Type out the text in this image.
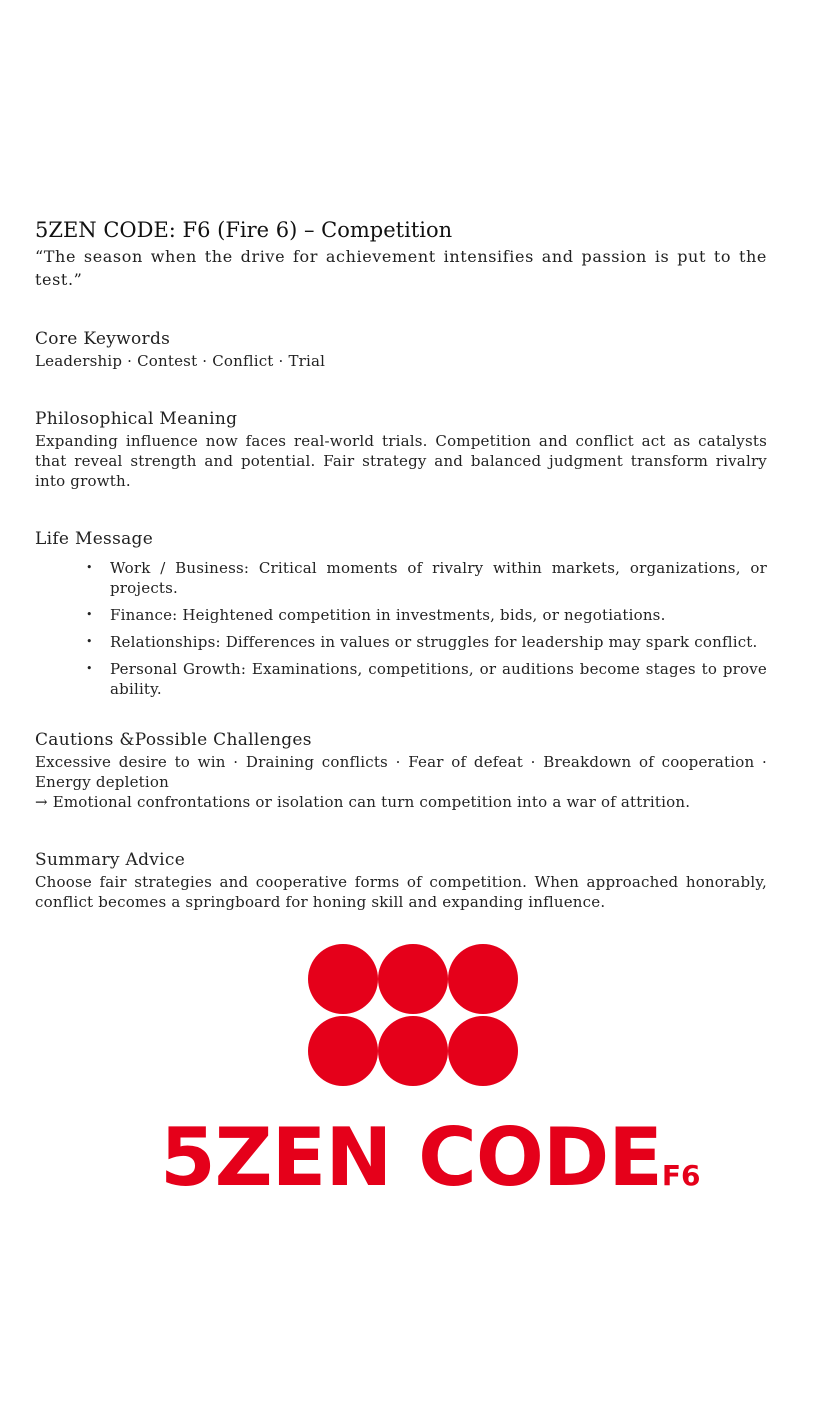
5ZEN CODE: F6 (Fire 6) – Competition

“The season when the drive for achievement intensifies and passion is put to the test.”

Core Keywords

Leadership · Contest · Conflict · Trial

Philosophical Meaning

Expanding influence now faces real-world trials. Competition and conflict act as catalysts that reveal strength and potential. Fair strategy and balanced judgment transform rivalry into growth.

Life Message
• Work / Business: Critical moments of rivalry within markets, organizations, or projects.
• Finance: Heightened competition in investments, bids, or negotiations.
• Relationships: Differences in values or struggles for leadership may spark conflict.
• Personal Growth: Examinations, competitions, or auditions become stages to prove ability.
Cautions &Possible Challenges

Excessive desire to win · Draining conflicts · Fear of defeat · Breakdown of cooperation · Energy depletion

→ Emotional confrontations or isolation can turn competition into a war of attrition.

Summary Advice

Choose fair strategies and cooperative forms of competition. When approached honorably, conflict becomes a springboard for honing skill and expanding influence.

5ZEN CODEF6
